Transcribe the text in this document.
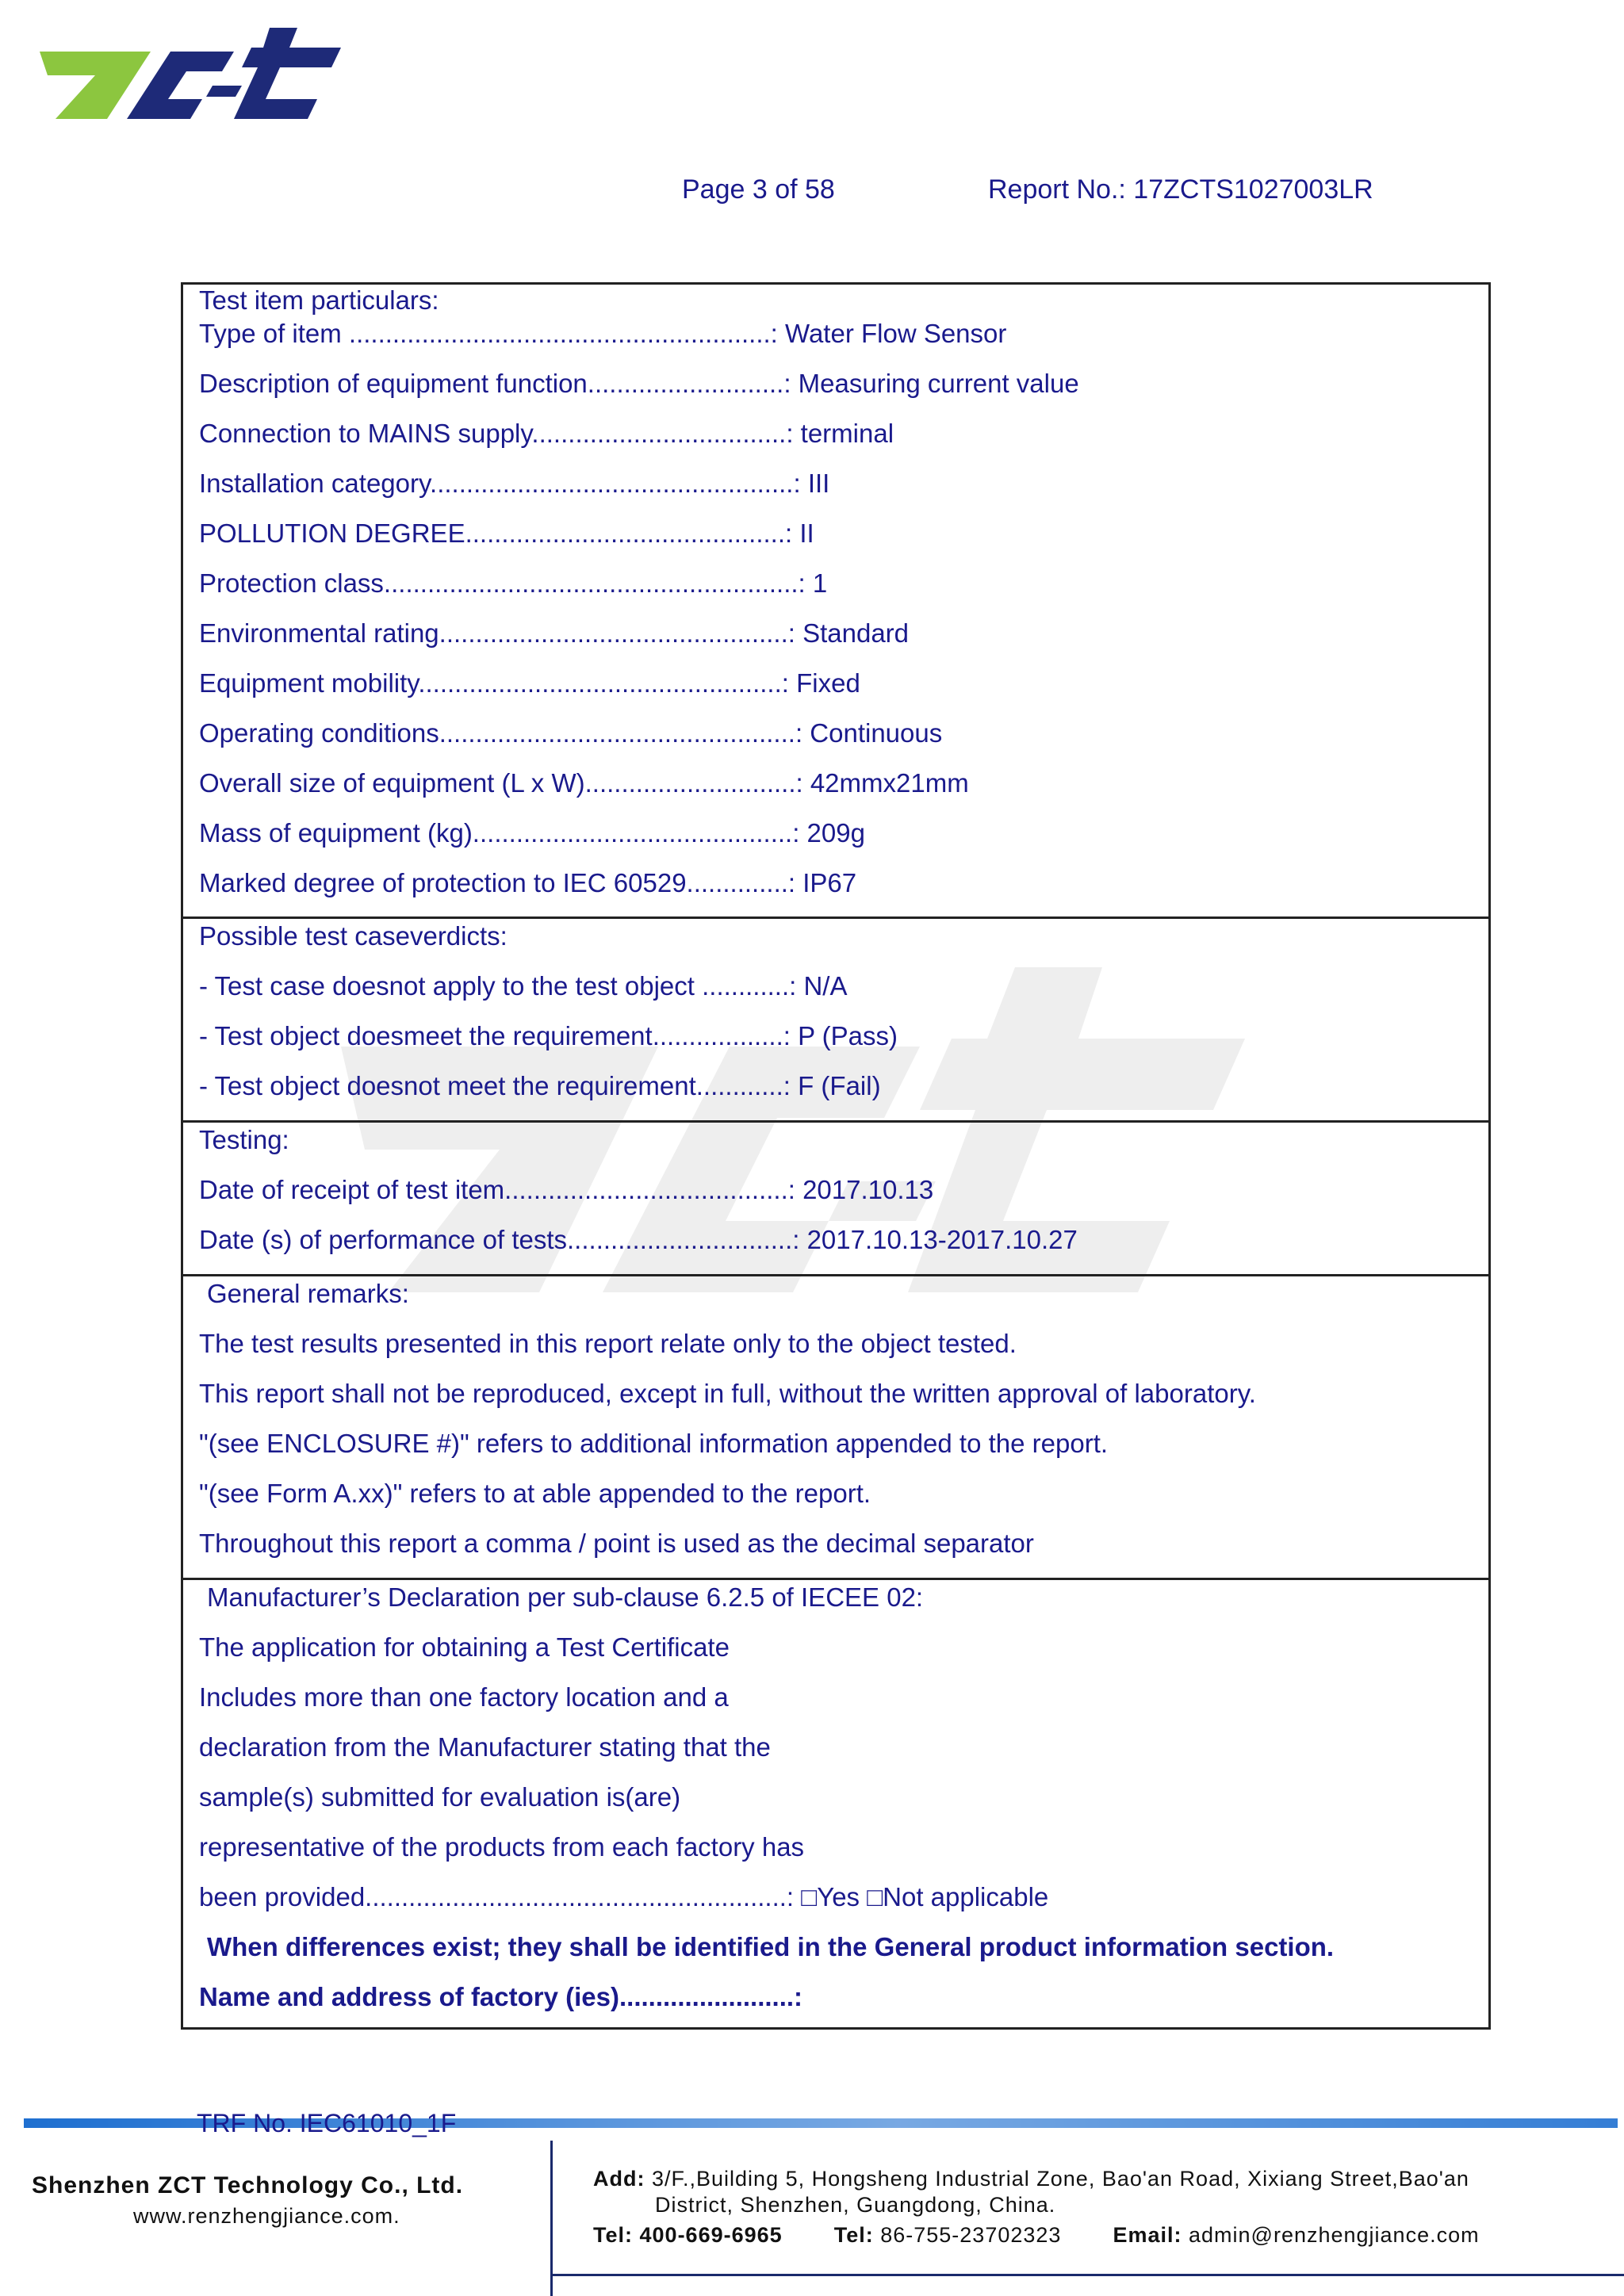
Page 3 of 58	Report No.: 17ZCTS1027003LR
Test item particulars:
Type of item ..........................................................: Water Flow Sensor
Description of equipment function...........................: Measuring current value
Connection to MAINS supply...................................: terminal
Installation category..................................................: III
POLLUTION DEGREE............................................: II
Protection class.........................................................: 1
Environmental rating................................................: Standard
Equipment mobility..................................................: Fixed
Operating conditions.................................................: Continuous
Overall size of equipment (L x W).............................: 42mmx21mm
Mass of equipment (kg)............................................: 209g
Marked degree of protection to IEC 60529..............: IP67
Possible test caseverdicts:
- Test case doesnot apply to the test object ............: N/A
- Test object doesmeet the requirement..................: P (Pass)
- Test object doesnot meet the requirement............: F (Fail)
Testing:
Date of receipt of test item.......................................: 2017.10.13
Date (s) of performance of tests...............................: 2017.10.13-2017.10.27
General remarks:
The test results presented in this report relate only to the object tested.
This report shall not be reproduced, except in full, without the written approval of laboratory.
"(see ENCLOSURE #)" refers to additional information appended to the report.
"(see Form A.xx)" refers to at able appended to the report.
Throughout this report a comma / point is used as the decimal separator
Manufacturer’s Declaration per sub-clause 6.2.5 of IECEE 02:
The application for obtaining a Test Certificate
Includes more than one factory location and a
declaration from the Manufacturer stating that the
sample(s) submitted for evaluation is(are)
representative of the products from each factory has
been provided..........................................................: □Yes □Not applicable
When differences exist; they shall be identified in the General product information section.
Name and address of factory (ies)........................:
TRF No. IEC61010_1F
Shenzhen ZCT Technology Co., Ltd.
www.renzhengjiance.com.
Add: 3/F.,Building 5, Hongsheng Industrial Zone, Bao'an Road, Xixiang Street,Bao'an
District, Shenzhen, Guangdong, China.
Tel: 400-669-6965 Tel: 86-755-23702323 Email: admin@renzhengjiance.com
